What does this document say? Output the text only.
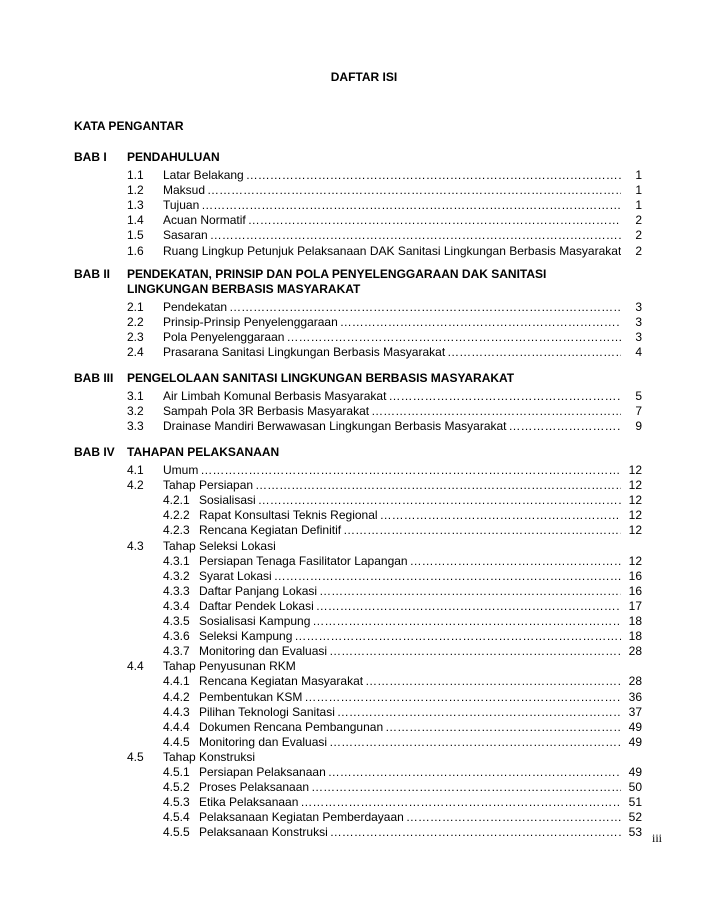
DAFTAR ISI
KATA PENGANTAR
BAB I	PENDAHULUAN
1.1 Latar Belakang ……………………………………………………………………………………………………………………………………………………………………………………………………………………	1
1.2 Maksud ……………………………………………………………………………………………………………………………………………………………………………………………………………………	1
1.3 Tujuan ……………………………………………………………………………………………………………………………………………………………………………………………………………………	1
1.4 Acuan Normatif ……………………………………………………………………………………………………………………………………………………………………………………………………………………	2
1.5 Sasaran ……………………………………………………………………………………………………………………………………………………………………………………………………………………	2
1.6 Ruang Lingkup Petunjuk Pelaksanaan DAK Sanitasi Lingkungan Berbasis Masyarakat ……………………………………………………………………………………………………………………………………………………………………………………………………………………	2
BAB II	PENDEKATAN, PRINSIP DAN POLA PENYELENGGARAAN DAK SANITASI LINGKUNGAN BERBASIS MASYARAKAT
2.1 Pendekatan ……………………………………………………………………………………………………………………………………………………………………………………………………………………	3
2.2 Prinsip-Prinsip Penyelenggaraan ……………………………………………………………………………………………………………………………………………………………………………………………………………………	3
2.3 Pola Penyelenggaraan ……………………………………………………………………………………………………………………………………………………………………………………………………………………	3
2.4 Prasarana Sanitasi Lingkungan Berbasis Masyarakat ……………………………………………………………………………………………………………………………………………………………………………………………………………………	4
BAB III	PENGELOLAAN SANITASI LINGKUNGAN BERBASIS MASYARAKAT
3.1 Air Limbah Komunal Berbasis Masyarakat ……………………………………………………………………………………………………………………………………………………………………………………………………………………	5
3.2 Sampah Pola 3R Berbasis Masyarakat ……………………………………………………………………………………………………………………………………………………………………………………………………………………	7
3.3 Drainase Mandiri Berwawasan Lingkungan Berbasis Masyarakat ……………………………………………………………………………………………………………………………………………………………………………………………………………………	9
BAB IV	TAHAPAN PELAKSANAAN
4.1 Umum ……………………………………………………………………………………………………………………………………………………………………………………………………………………	12
4.2 Tahap Persiapan ……………………………………………………………………………………………………………………………………………………………………………………………………………………	12
4.2.1 Sosialisasi ……………………………………………………………………………………………………………………………………………………………………………………………………………………	12
4.2.2 Rapat Konsultasi Teknis Regional ……………………………………………………………………………………………………………………………………………………………………………………………………………………	12
4.2.3 Rencana Kegiatan Definitif ……………………………………………………………………………………………………………………………………………………………………………………………………………………	12
4.3 Tahap Seleksi Lokasi
4.3.1 Persiapan Tenaga Fasilitator Lapangan ……………………………………………………………………………………………………………………………………………………………………………………………………………………	12
4.3.2 Syarat Lokasi ……………………………………………………………………………………………………………………………………………………………………………………………………………………	16
4.3.3 Daftar Panjang Lokasi ……………………………………………………………………………………………………………………………………………………………………………………………………………………	16
4.3.4 Daftar Pendek Lokasi ……………………………………………………………………………………………………………………………………………………………………………………………………………………	17
4.3.5 Sosialisasi Kampung ……………………………………………………………………………………………………………………………………………………………………………………………………………………	18
4.3.6 Seleksi Kampung ……………………………………………………………………………………………………………………………………………………………………………………………………………………	18
4.3.7 Monitoring dan Evaluasi ……………………………………………………………………………………………………………………………………………………………………………………………………………………	28
4.4 Tahap Penyusunan RKM
4.4.1 Rencana Kegiatan Masyarakat ……………………………………………………………………………………………………………………………………………………………………………………………………………………	28
4.4.2 Pembentukan KSM ……………………………………………………………………………………………………………………………………………………………………………………………………………………	36
4.4.3 Pilihan Teknologi Sanitasi ……………………………………………………………………………………………………………………………………………………………………………………………………………………	37
4.4.4 Dokumen Rencana Pembangunan ……………………………………………………………………………………………………………………………………………………………………………………………………………………	49
4.4.5 Monitoring dan Evaluasi ……………………………………………………………………………………………………………………………………………………………………………………………………………………	49
4.5 Tahap Konstruksi
4.5.1 Persiapan Pelaksanaan ……………………………………………………………………………………………………………………………………………………………………………………………………………………	49
4.5.2 Proses Pelaksanaan ……………………………………………………………………………………………………………………………………………………………………………………………………………………	50
4.5.3 Etika Pelaksanaan ……………………………………………………………………………………………………………………………………………………………………………………………………………………	51
4.5.4 Pelaksanaan Kegiatan Pemberdayaan ……………………………………………………………………………………………………………………………………………………………………………………………………………………	52
4.5.5 Pelaksanaan Konstruksi ……………………………………………………………………………………………………………………………………………………………………………………………………………………	53 iii
